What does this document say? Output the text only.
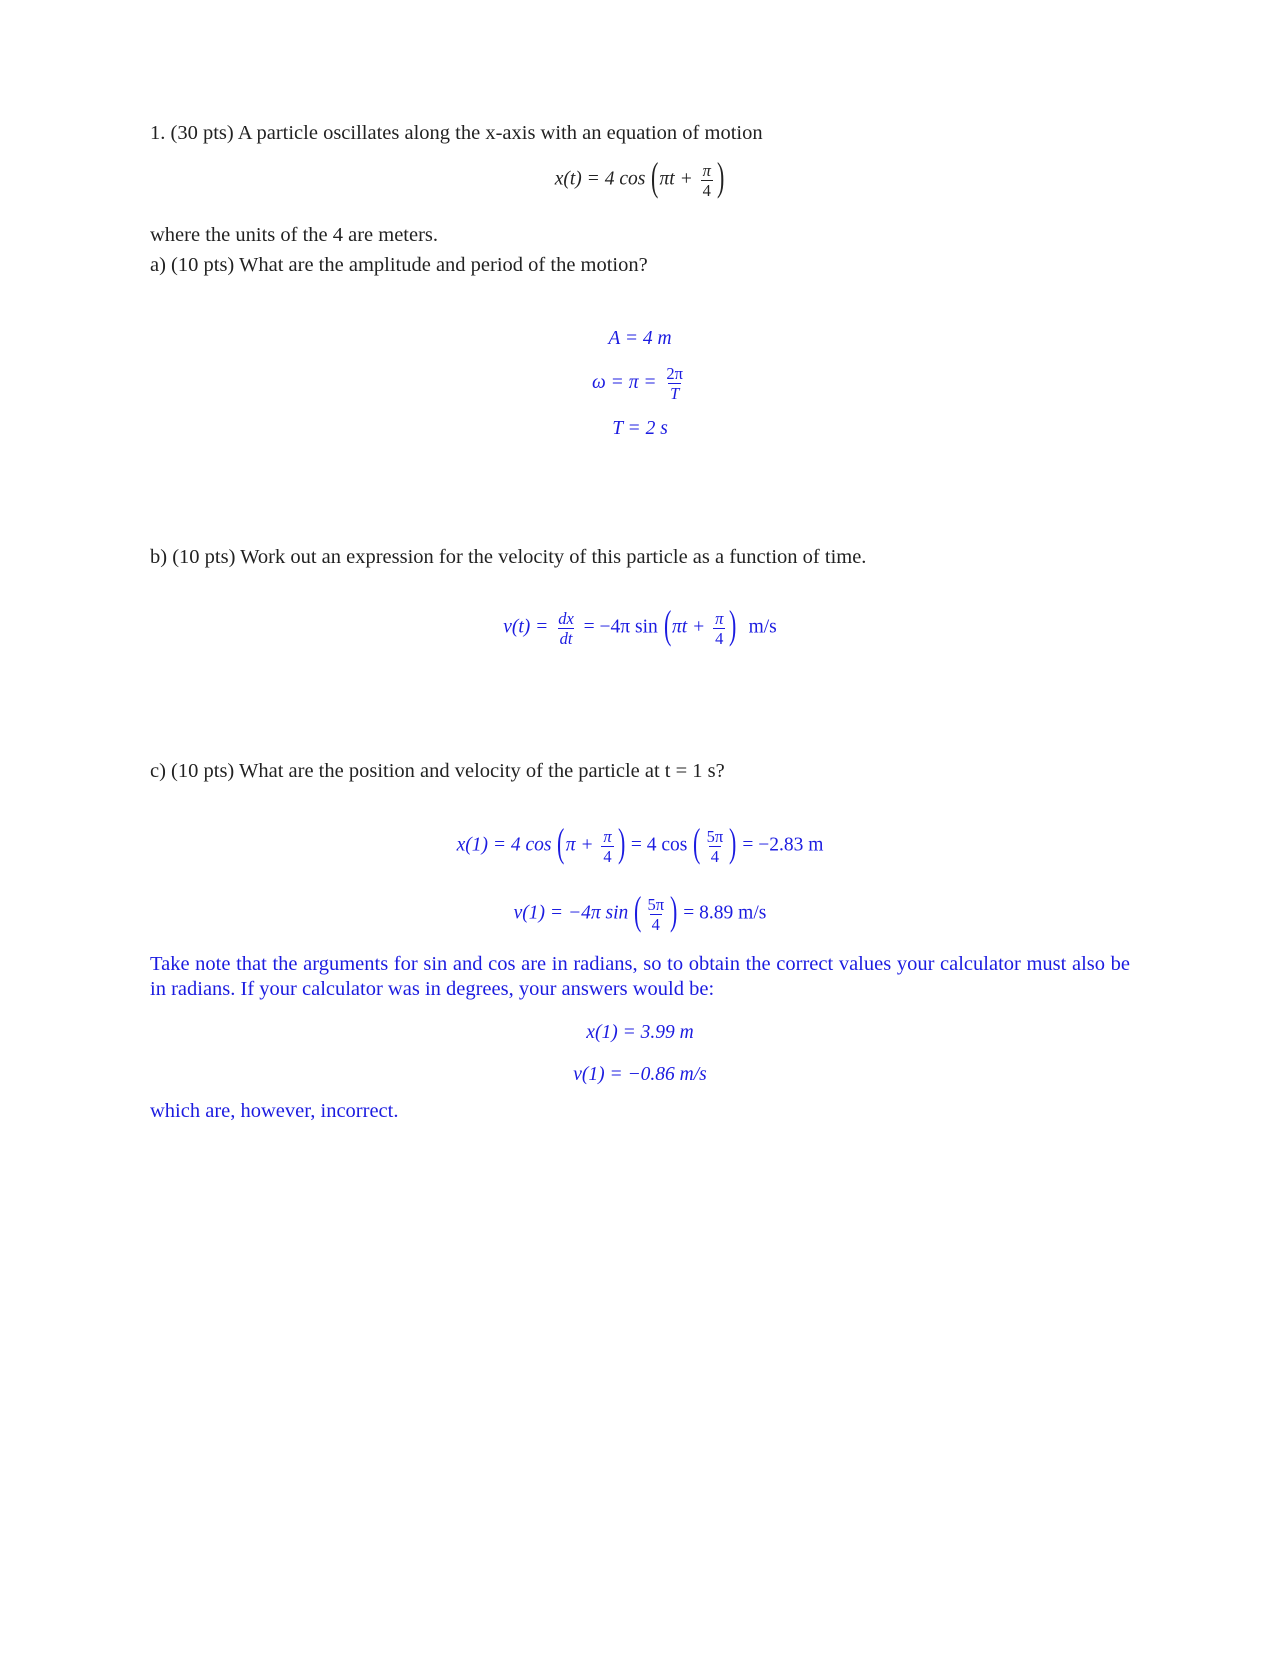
1. (30 pts) A particle oscillates along the x-axis with an equation of motion
x(t) = 4 $\cos (\pi t + \frac{\pi}{4}$ )
where the units of the 4 are meters.
a) (10 pts) What are the amplitude and period of the motion?
A = 4 m
$\omega = \pi = \frac{2\pi}{T}$
T = 2 s
b) (10 pts) Work out an expression for the velocity of this particle as a function of time.
$v(t) = \frac{dx}{dt} = -4\pi$ $\sin (\pi t + \frac{\pi}{4}$ ) m/s
c) (10 pts) What are the position and velocity of the particle at t = 1 s?
x(1) = 4 $\cos (\pi + \frac{\pi}{4}$ ) = 4 cos ( $\frac{5\pi}{4}$ ) = −2.83 m
v(1) = −4π sin ( $\frac{5\pi}{4}$ ) = 8.89 m/s
Take note that the arguments for sin and cos are in radians, so to obtain the correct values your calculator must also be in radians. If your calculator was in degrees, your answers would be:
x(1) = 3.99 m
v(1) = −0.86 m/s
which are, however, incorrect.
